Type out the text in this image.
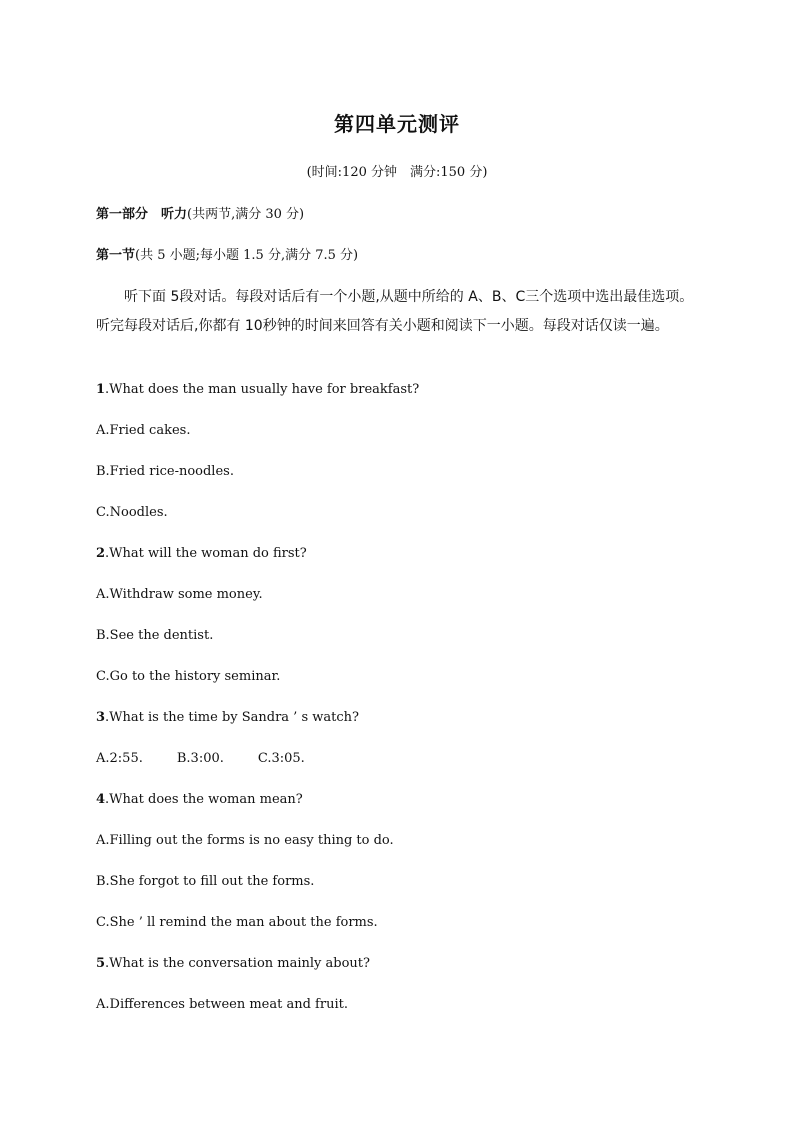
第四单元测评
(时间:120 分钟　满分:150 分)
第一部分　听力(共两节,满分 30 分)
第一节(共 5 小题;每小题 1.5 分,满分 7.5 分)
听下面 5段对话。每段对话后有一个小题,从题中所给的 A、B、C三个选项中选出最佳选项。听完每段对话后,你都有 10秒钟的时间来回答有关小题和阅读下一小题。每段对话仅读一遍。
1.What does the man usually have for breakfast?
A.Fried cakes.
B.Fried rice-noodles.
C.Noodles.
2.What will the woman do first?
A.Withdraw some money.
B.See the dentist.
C.Go to the history seminar.
3.What is the time by Sandra ’ s watch?
A.2:55.	B.3:00.	C.3:05.
4.What does the woman mean?
A.Filling out the forms is no easy thing to do.
B.She forgot to fill out the forms.
C.She ’ ll remind the man about the forms.
5.What is the conversation mainly about?
A.Differences between meat and fruit.
